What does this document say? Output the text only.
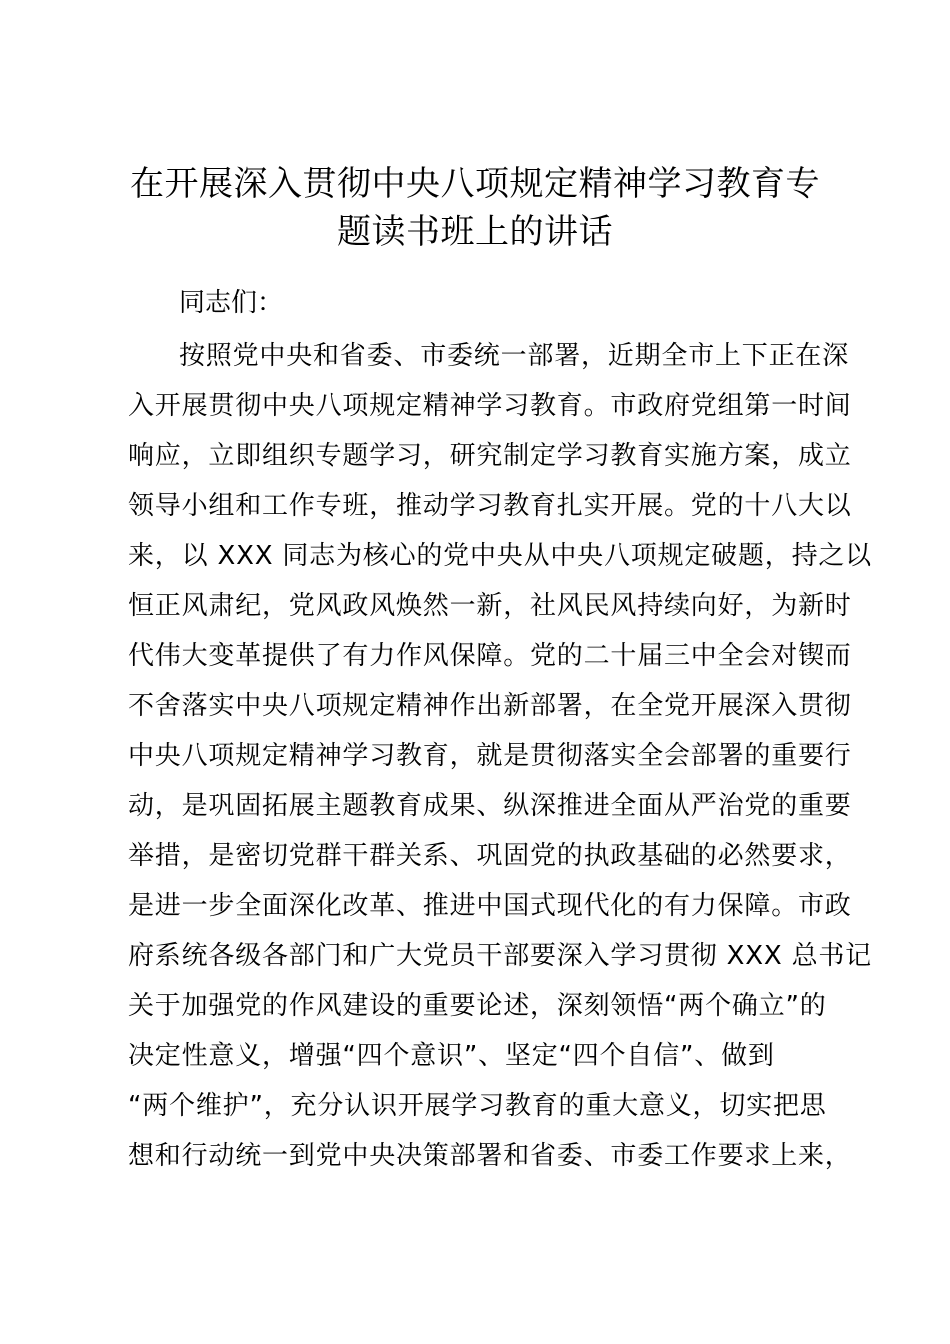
在开展深入贯彻中央八项规定精神学习教育专
题读书班上的讲话
同志们：
按照党中央和省委、市委统一部署，近期全市上下正在深
入开展贯彻中央八项规定精神学习教育。市政府党组第一时间
响应，立即组织专题学习，研究制定学习教育实施方案，成立
领导小组和工作专班，推动学习教育扎实开展。党的十八大以
来，以 XXX 同志为核心的党中央从中央八项规定破题，持之以
恒正风肃纪，党风政风焕然一新，社风民风持续向好，为新时
代伟大变革提供了有力作风保障。党的二十届三中全会对锲而
不舍落实中央八项规定精神作出新部署，在全党开展深入贯彻
中央八项规定精神学习教育，就是贯彻落实全会部署的重要行
动，是巩固拓展主题教育成果、纵深推进全面从严治党的重要
举措，是密切党群干群关系、巩固党的执政基础的必然要求，
是进一步全面深化改革、推进中国式现代化的有力保障。市政
府系统各级各部门和广大党员干部要深入学习贯彻 XXX 总书记
关于加强党的作风建设的重要论述，深刻领悟“两个确立”的
决定性意义，增强“四个意识”、坚定“四个自信”、做到
“两个维护”，充分认识开展学习教育的重大意义，切实把思
想和行动统一到党中央决策部署和省委、市委工作要求上来，
